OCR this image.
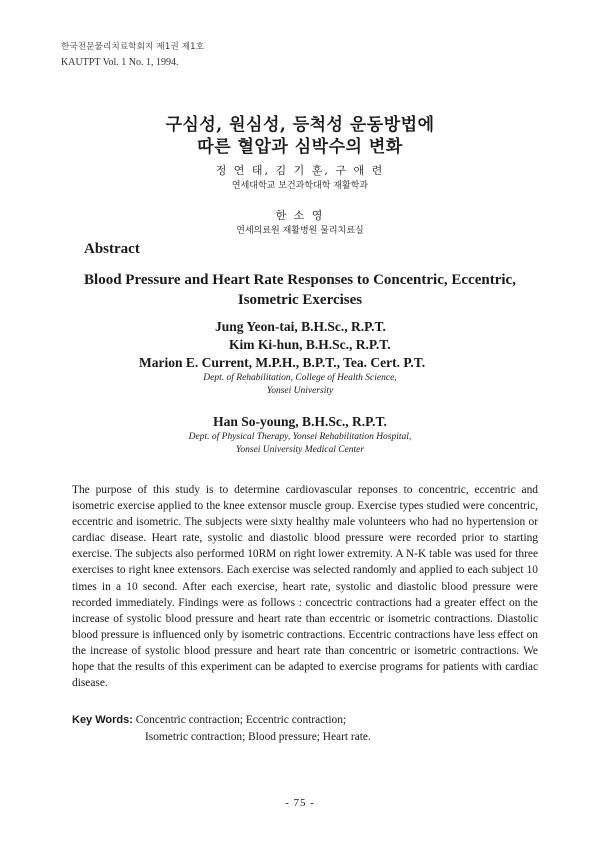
한국전문물리치료학회지 제1권 제1호
KAUTPT Vol. 1 No. 1, 1994.
구심성, 원심성, 등척성 운동방법에
따른 혈압과 심박수의 변화
정 연 태, 김 기 훈, 구 애 련
연세대학교 보건과학대학 재활학과
한 소 영
연세의료원 재활병원 물리치료실
Abstract
Blood Pressure and Heart Rate Responses to Concentric, Eccentric,
Isometric Exercises
Jung Yeon-tai, B.H.Sc., R.P.T.
Kim Ki-hun, B.H.Sc., R.P.T.
Marion E. Current, M.P.H., B.P.T., Tea. Cert. P.T.
Dept. of Rehabilitation, College of Health Science,
Yonsei University
Han So-young, B.H.Sc., R.P.T.
Dept. of Physical Therapy, Yonsei Rehabilitation Hospital,
Yonsei University Medical Center

The purpose of this study is to determine cardiovascular reponses to concentric, eccentric and isometric exercise applied to the knee extensor muscle group. Exercise types studied were concentric, eccentric and isometric. The subjects were sixty healthy male volunteers who had no hypertension or cardiac disease. Heart rate, systolic and diastolic blood pressure were recorded prior to starting exercise. The subjects also performed 10RM on right lower extremity. A N-K table was used for three exercises to right knee extensors. Each exercise was selected randomly and applied to each subject 10 times in a 10 second. After each exercise, heart rate, systolic and diastolic blood pressure were recorded immediately. Findings were as follows : concectric contractions had a greater effect on the increase of systolic blood pressure and heart rate than eccentric or isometric contractions. Diastolic blood pressure is influenced only by isometric contractions. Eccentric contractions have less effect on the increase of systolic blood pressure and heart rate than concentric or isometric contractions. We hope that the results of this experiment can be adapted to exercise programs for patients with cardiac disease.

Key Words: Concentric contraction; Eccentric contraction;
Isometric contraction; Blood pressure; Heart rate.
- 75 -
